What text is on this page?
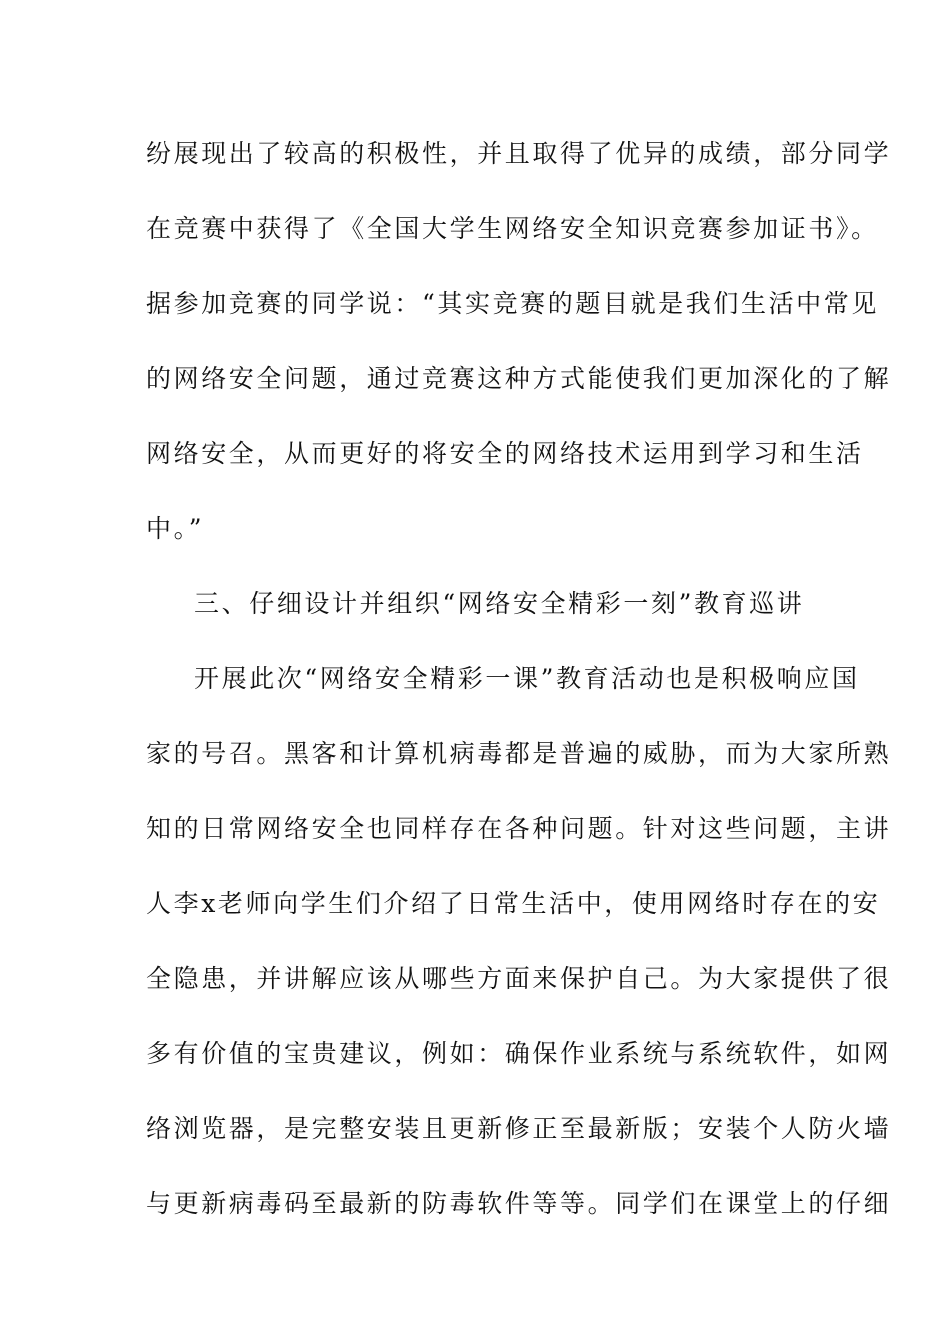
纷展现出了较高的积极性，并且取得了优异的成绩，部分同学
在竞赛中获得了《全国大学生网络安全知识竞赛参加证书》。
据参加竞赛的同学说：“其实竞赛的题目就是我们生活中常见
的网络安全问题，通过竞赛这种方式能使我们更加深化的了解
网络安全，从而更好的将安全的网络技术运用到学习和生活
中。”
三、仔细设计并组织“网络安全精彩一刻”教育巡讲
开展此次“网络安全精彩一课”教育活动也是积极响应国
家的号召。黑客和计算机病毒都是普遍的威胁，而为大家所熟
知的日常网络安全也同样存在各种问题。针对这些问题，主讲
人李x老师向学生们介绍了日常生活中，使用网络时存在的安
全隐患，并讲解应该从哪些方面来保护自己。为大家提供了很
多有价值的宝贵建议，例如：确保作业系统与系统软件，如网
络浏览器，是完整安装且更新修正至最新版；安装个人防火墙
与更新病毒码至最新的防毒软件等等。同学们在课堂上的仔细
